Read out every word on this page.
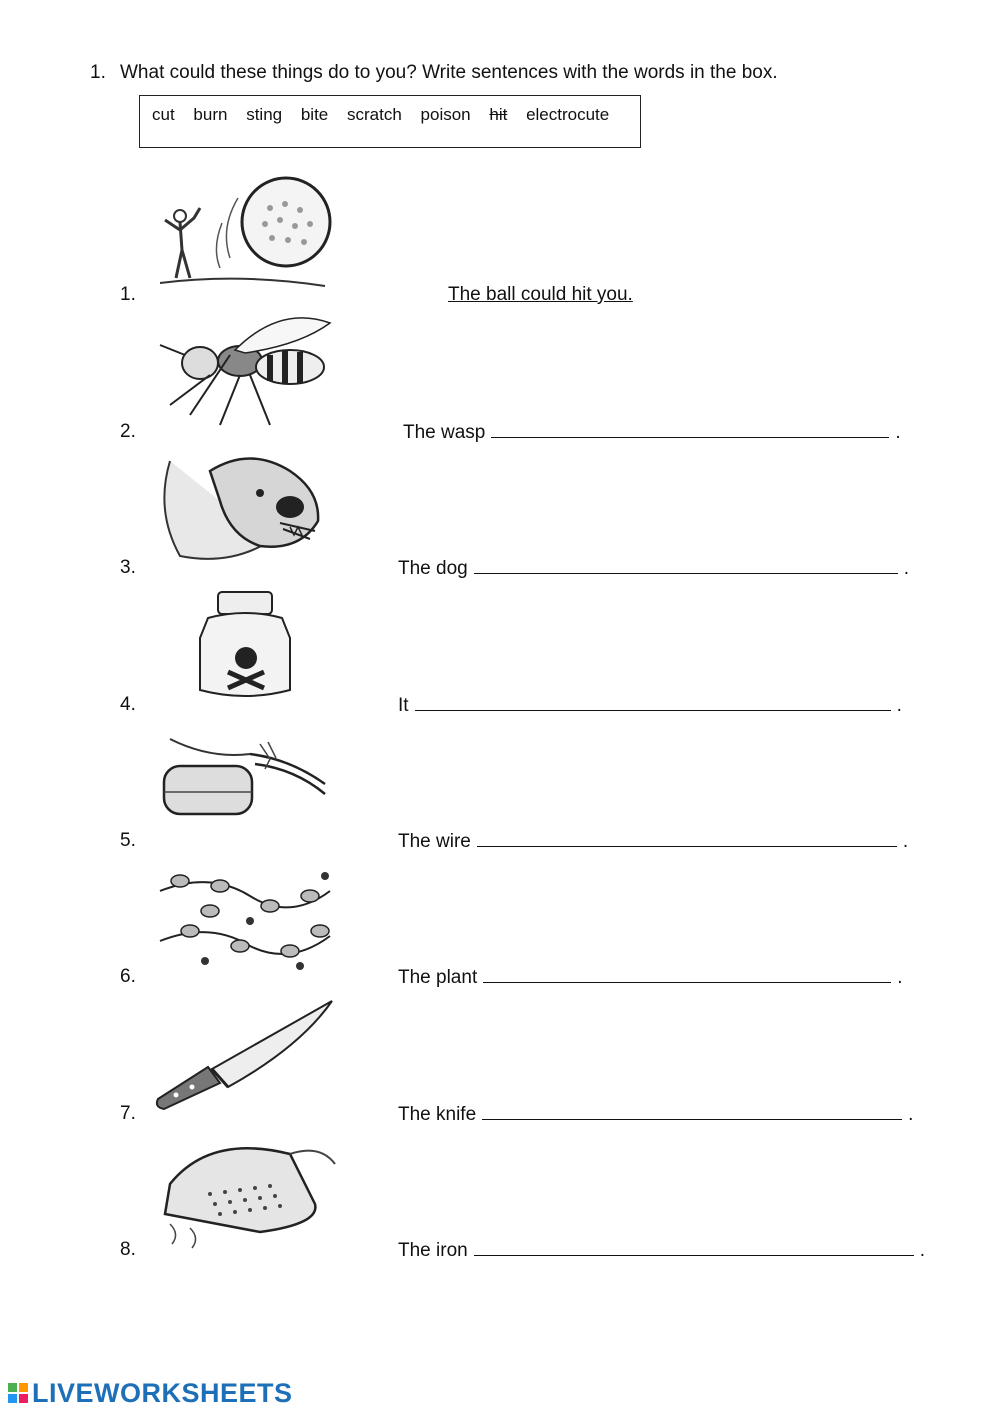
1. What could these things do to you? Write sentences with the words in the box.
cut burn sting bite scratch poison hit electrocute
1.	The ball could hit you.
2.	The wasp	.
3.	The dog	.
4.	It	.
5.	The wire	.
6.	The plant	.
7.	The knife	.
8.	The iron	.
LIVEWORKSHEETS
